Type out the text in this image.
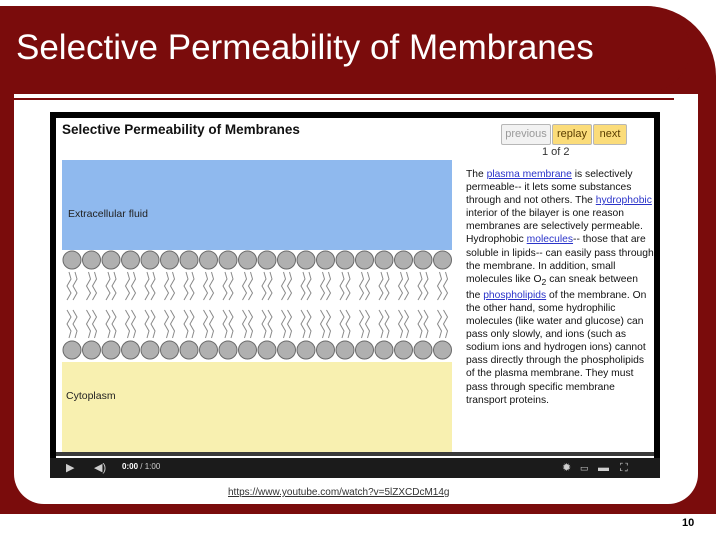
Selective Permeability of Membranes
Selective Permeability of Membranes	previous replay	next
1 of 2
Extracellular fluid
Cytoplasm
The plasma membrane is selectively permeable-- it lets some substances through and not others. The hydrophobic interior of the bilayer is one reason membranes are selectively permeable. Hydrophobic molecules-- those that are soluble in lipids-- can easily pass through the membrane. In addition, small molecules like $O_2$ can sneak between the phospholipids of the membrane. On the other hand, some hydrophilic molecules (like water and glucose) can pass only slowly, and ions (such as sodium ions and hydrogen ions) cannot pass directly through the phospholipids of the plasma membrane. They must pass through specific membrane transport proteins.
▶ ◀) 0:00 / 1:00	✹ ▭ ▬ ⛶
https://www.youtube.com/watch?v=5lZXCDcM14g
10
